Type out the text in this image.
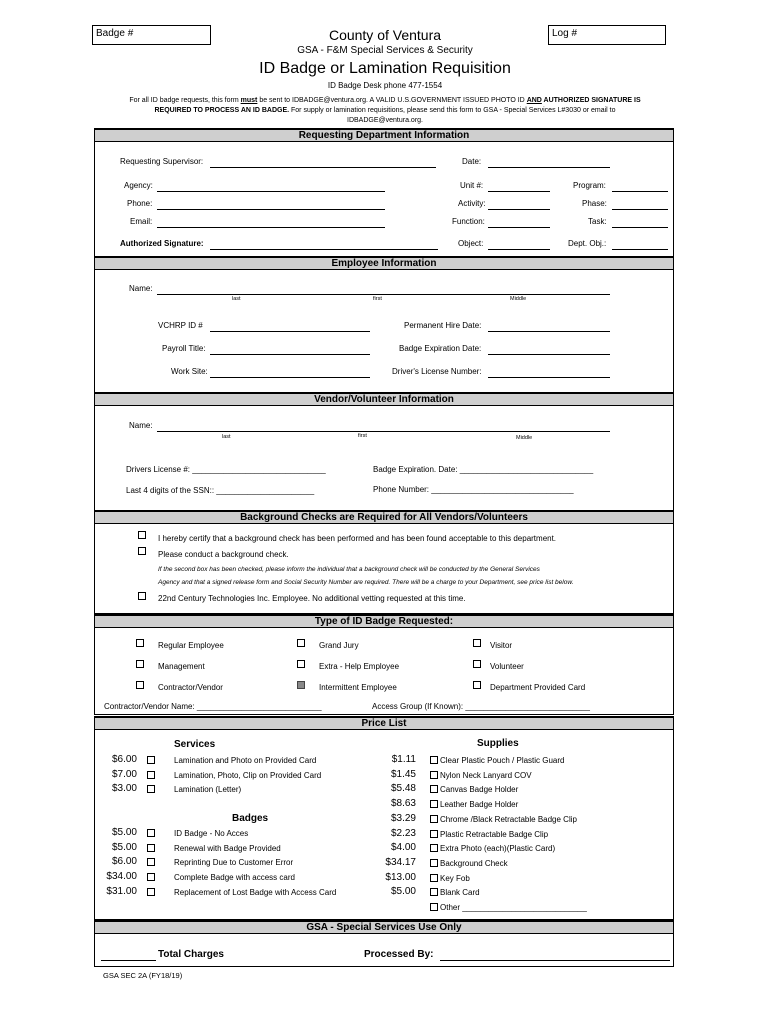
Badge #	Log #
County of Ventura
GSA - F&M Special Services & Security
ID Badge or Lamination Requisition
ID Badge Desk phone 477-1554
For all ID badge requests, this form must be sent to IDBADGE@ventura.org. A VALID U.S.GOVERNMENT ISSUED PHOTO ID AND AUTHORIZED SIGNATURE IS
REQUIRED TO PROCESS AN ID BADGE. For supply or lamination requisitions, please send this form to GSA - Special Services L#3030 or email to
IDBADGE@ventura.org.
Requesting Department Information
Requesting Supervisor:	Date:
Agency:	Unit #:	Program:
Phone:	Activity:	Phase:
Email:	Function:	Task:
Authorized Signature:	Object:	Dept. Obj.:
Employee Information
Name:
last	first	Middle
VCHRP ID #	Permanent Hire Date:
Payroll Title:	Badge Expiration Date:
Work Site:	Driver's License Number:
Vendor/Volunteer Information
Name:
last	first	Middle
Drivers License #: ______________________________	Badge Expiration. Date: ______________________________
Last 4 digits of the SSN:: ______________________	Phone Number: ________________________________
Background Checks are Required for All Vendors/Volunteers
I hereby certify that a background check has been performed and has been found acceptable to this department.
Please conduct a background check.
If the second box has been checked, please inform the individual that a background check will be conducted by the General Services
Agency and that a signed release form and Social Security Number are required. There will be a charge to your Department, see price list below.
22nd Century Technologies Inc. Employee. No additional vetting requested at this time.
Type of ID Badge Requested:
Regular Employee	Grand Jury	Visitor
Management	Extra - Help Employee	Volunteer
Contractor/Vendor	Intermittent Employee	Department Provided Card
Contractor/Vendor Name: ____________________________	Access Group (If Known): ____________________________
Price List
Services
$6.00	Lamination and Photo on Provided Card
$7.00	Lamination, Photo, Clip on Provided Card
$3.00	Lamination (Letter)
Badges
$5.00	ID Badge - No Acces
$5.00	Renewal with Badge Provided
$6.00	Reprinting Due to Customer Error
$34.00	Complete Badge with access card
$31.00	Replacement of Lost Badge with Access Card
Supplies
$1.11	Clear Plastic Pouch / Plastic Guard
$1.45	Nylon Neck Lanyard COV
$5.48	Canvas Badge Holder
$8.63	Leather Badge Holder
$3.29	Chrome /Black Retractable Badge Clip
$2.23	Plastic Retractable Badge Clip
$4.00	Extra Photo (each)(Plastic Card)
$34.17	Background Check
$13.00	Key Fob
$5.00	Blank Card
Other ____________________________
GSA - Special Services Use Only
Total Charges	Processed By:
GSA SEC 2A (FY18/19)
